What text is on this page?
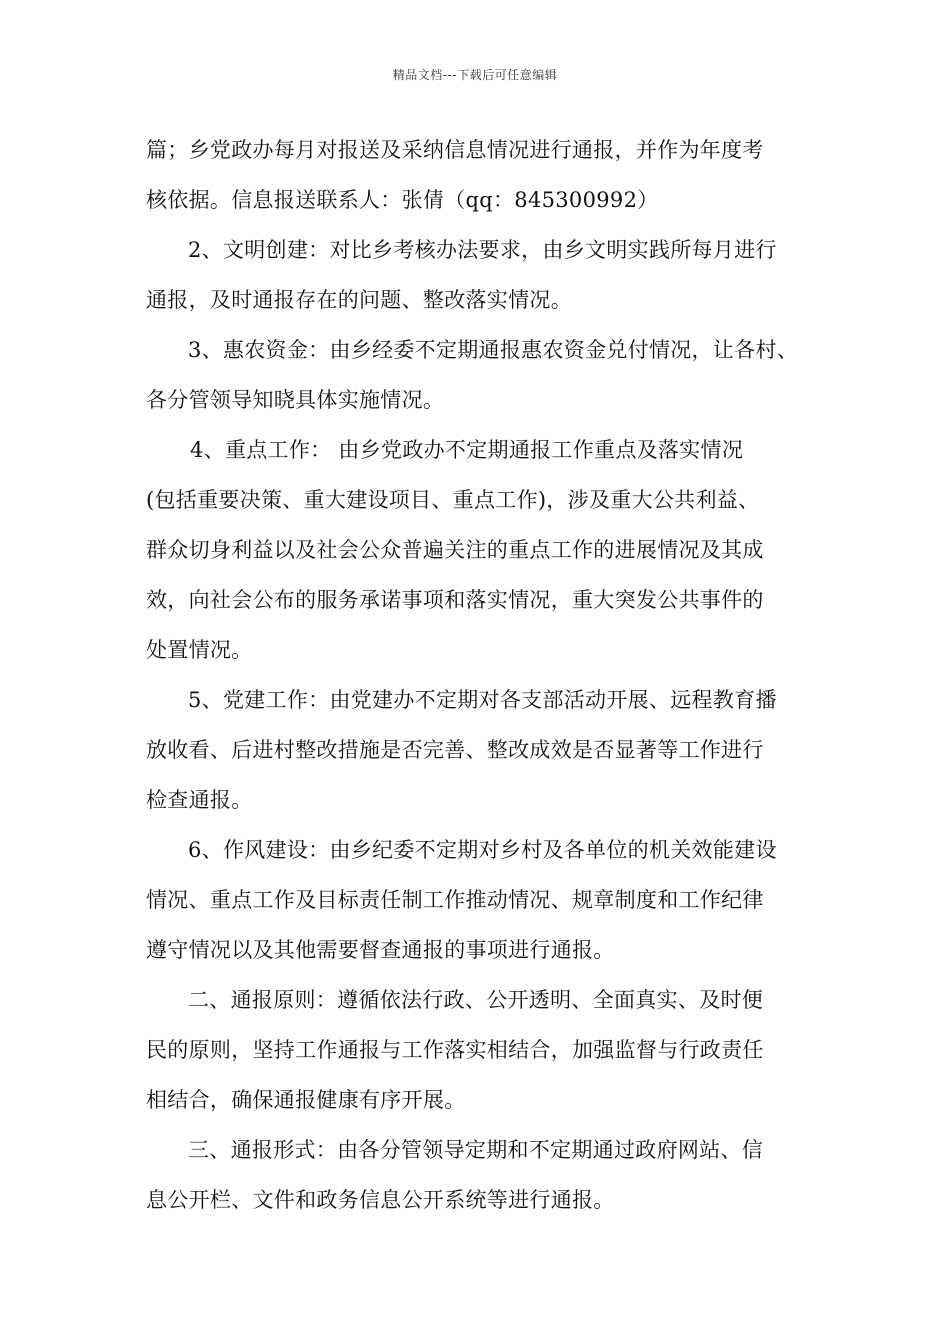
精品文档---下载后可任意编辑
篇；乡党政办每月对报送及采纳信息情况进行通报，并作为年度考
核依据。信息报送联系人：张倩（qq：845300992）
2、文明创建：对比乡考核办法要求，由乡文明实践所每月进行
通报，及时通报存在的问题、整改落实情况。
3、惠农资金：由乡经委不定期通报惠农资金兑付情况，让各村、
各分管领导知晓具体实施情况。
4、重点工作： 由乡党政办不定期通报工作重点及落实情况
(包括重要决策、重大建设项目、重点工作)，涉及重大公共利益、
群众切身利益以及社会公众普遍关注的重点工作的进展情况及其成
效，向社会公布的服务承诺事项和落实情况，重大突发公共事件的
处置情况。
5、党建工作：由党建办不定期对各支部活动开展、远程教育播
放收看、后进村整改措施是否完善、整改成效是否显著等工作进行
检查通报。
6、作风建设：由乡纪委不定期对乡村及各单位的机关效能建设
情况、重点工作及目标责任制工作推动情况、规章制度和工作纪律
遵守情况以及其他需要督查通报的事项进行通报。
二、通报原则：遵循依法行政、公开透明、全面真实、及时便
民的原则，坚持工作通报与工作落实相结合，加强监督与行政责任
相结合，确保通报健康有序开展。
三、通报形式：由各分管领导定期和不定期通过政府网站、信
息公开栏、文件和政务信息公开系统等进行通报。
